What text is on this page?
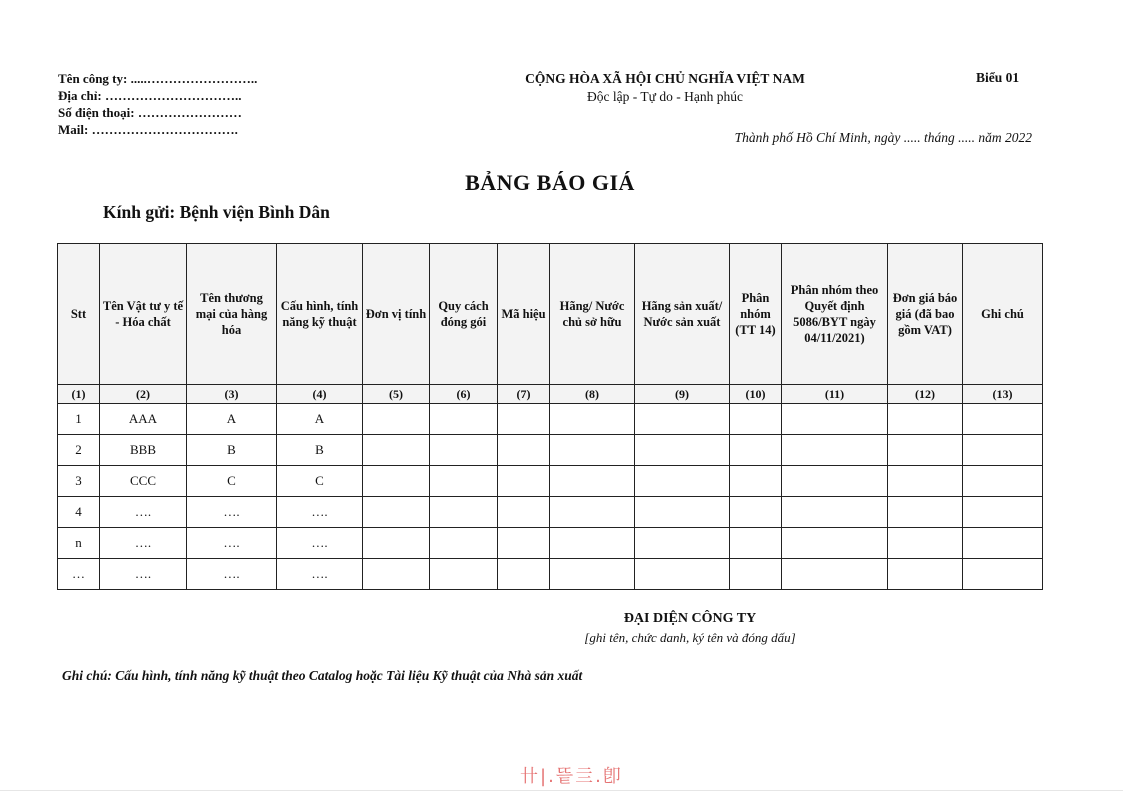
Tên công ty: .....……………………..
Địa chỉ: …………………………..
Số điện thoại: ……………………
Mail: …………………………….
CỘNG HÒA XÃ HỘI CHỦ NGHĨA VIỆT NAM
Độc lập - Tự do - Hạnh phúc
Biểu 01
Thành phố Hồ Chí Minh, ngày ..... tháng ..... năm 2022
BẢNG BÁO GIÁ
Kính gửi: Bệnh viện Bình Dân
Stt	Tên Vật tư y tế - Hóa chất	Tên thương mại của hàng hóa	Cấu hình, tính năng kỹ thuật	Đơn vị tính	Quy cách đóng gói	Mã hiệu	Hãng/ Nước chủ sở hữu	Hãng sản xuất/ Nước sản xuất	Phân nhóm (TT 14)	Phân nhóm theo Quyết định 5086/BYT ngày 04/11/2021)	Đơn giá báo giá (đã bao gồm VAT)	Ghi chú
(1)	(2)	(3)	(4)	(5)	(6)	(7)	(8)	(9)	(10)	(11)	(12)	(13)
1	AAA	A	A									
2	BBB	B	B									
3	CCC	C	C									
4	….	….	….									
n	….	….	….									
…	….	….	….									
ĐẠI DIỆN CÔNG TY
[ghi tên, chức danh, ký tên và đóng dấu]
Ghi chú: Cấu hình, tính năng kỹ thuật theo Catalog hoặc Tài liệu Kỹ thuật của Nhà sản xuất
卄|.띁亖.卽
